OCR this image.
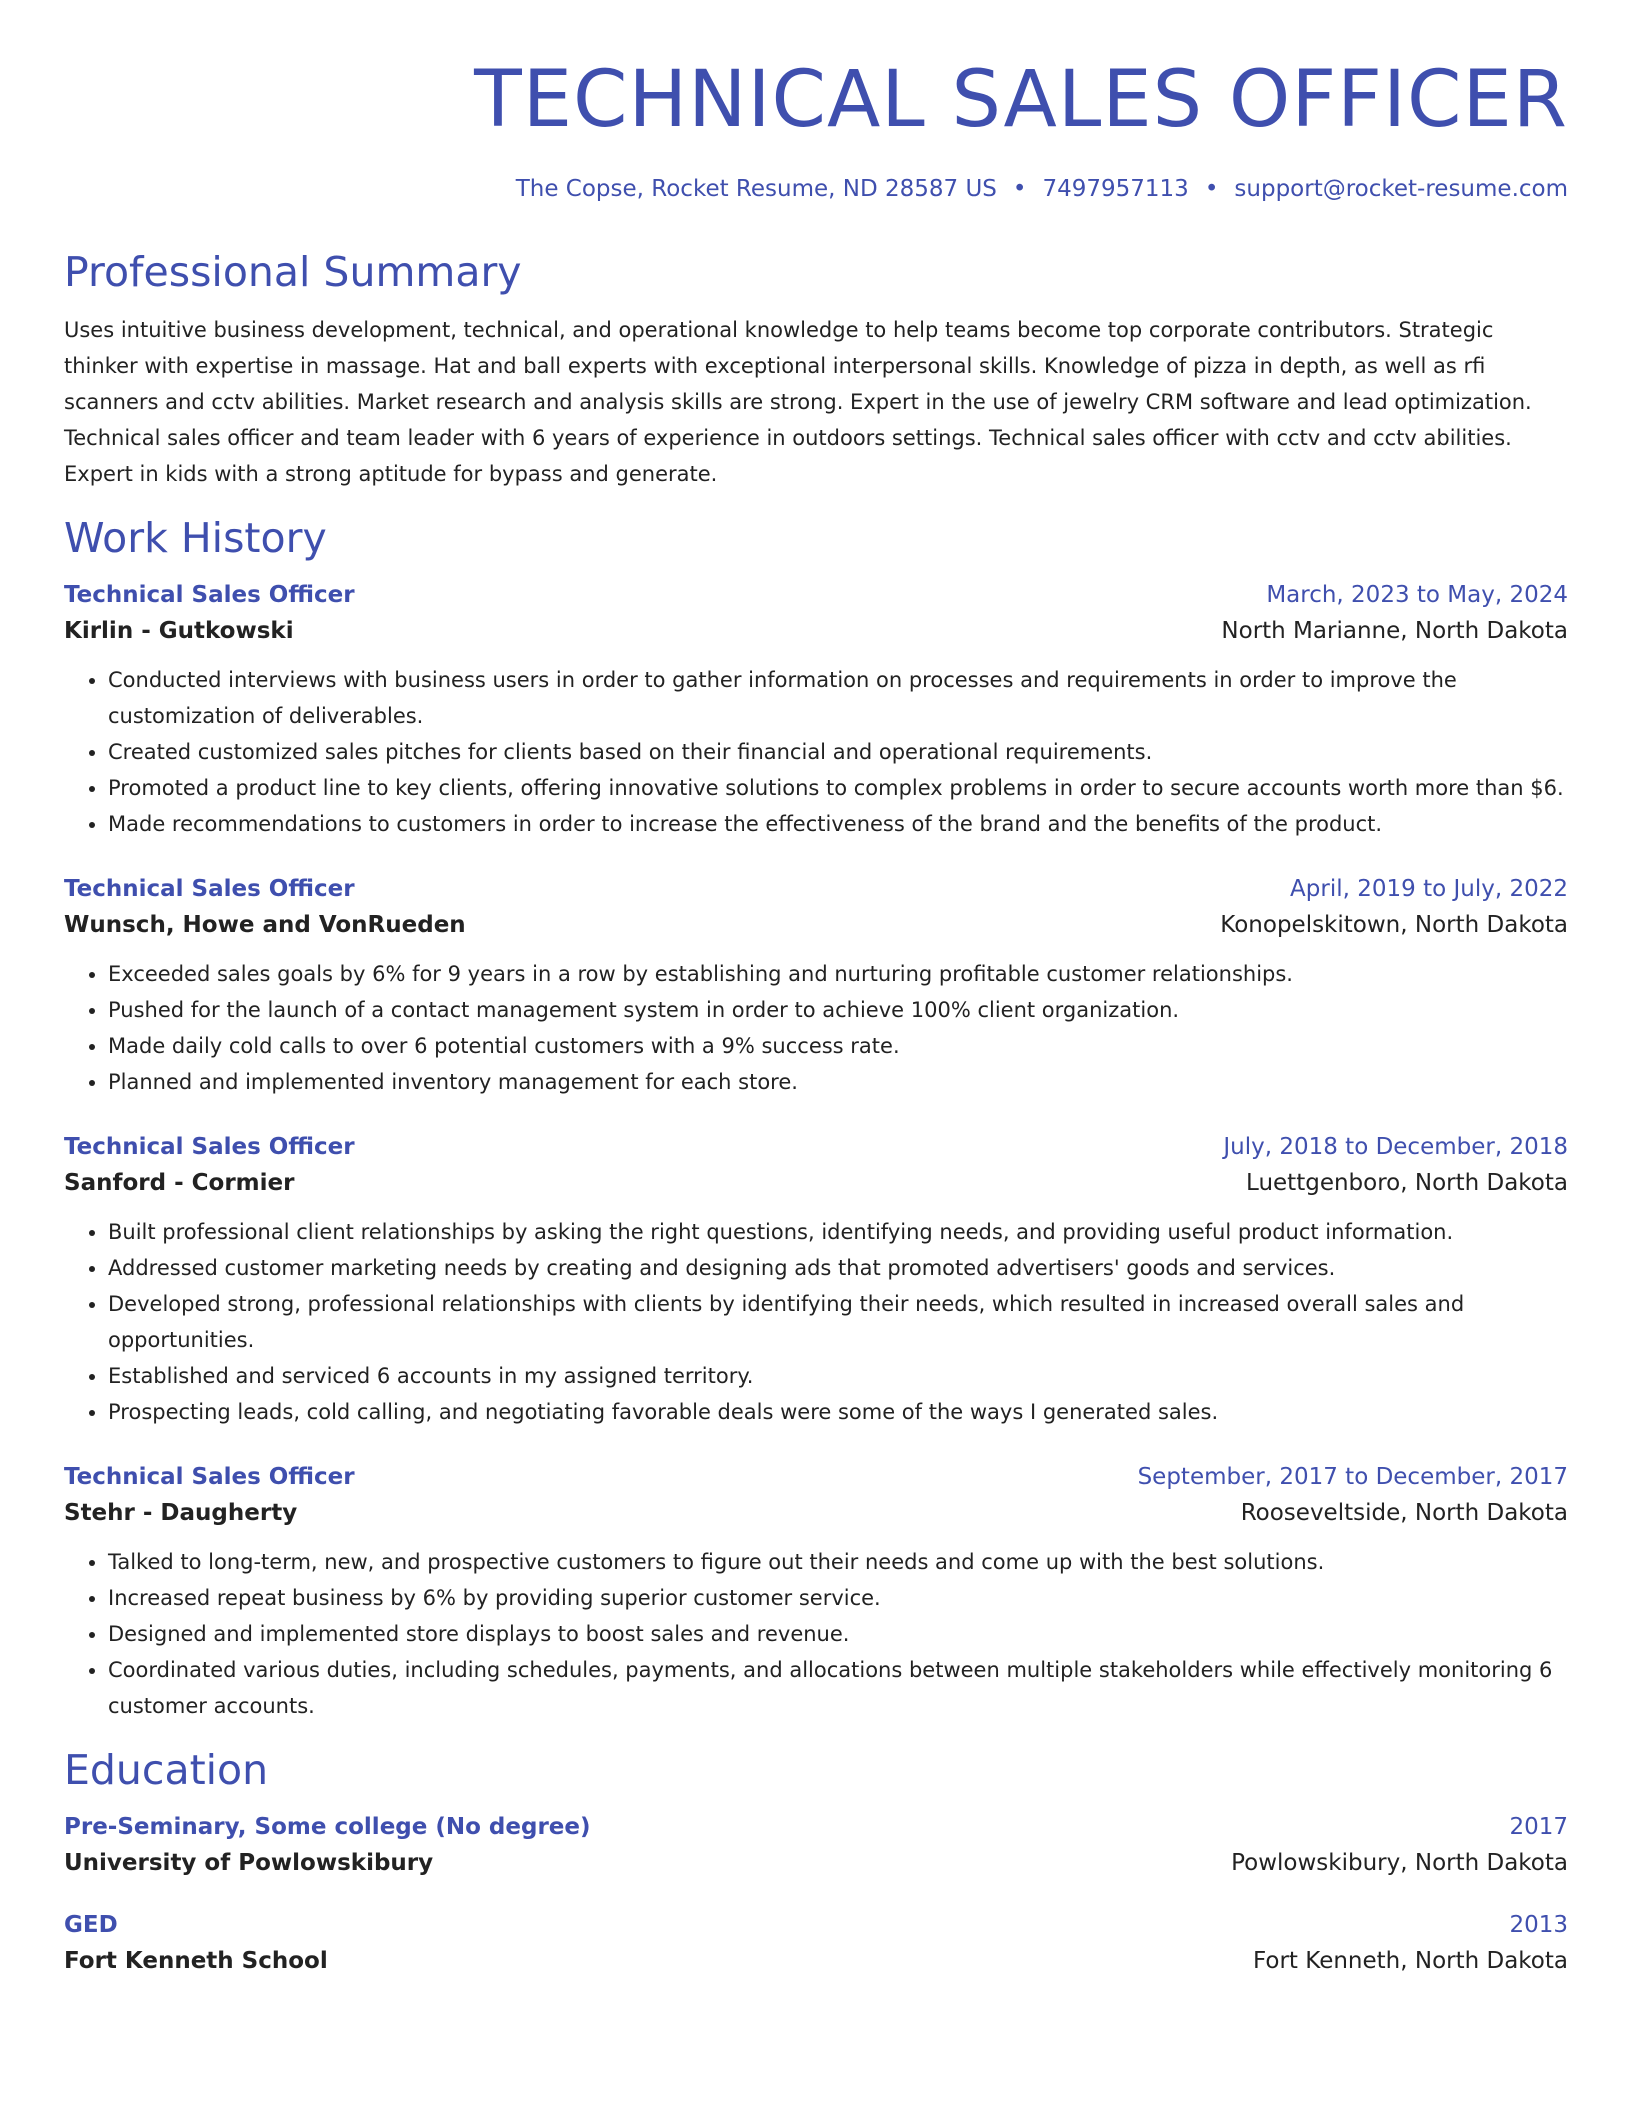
TECHNICAL SALES OFFICER
The Copse, Rocket Resume, ND 28587 US • 7497957113 • support@rocket-resume.com
Professional Summary
Uses intuitive business development, technical, and operational knowledge to help teams become top corporate contributors. Strategic thinker with expertise in massage. Hat and ball experts with exceptional interpersonal skills. Knowledge of pizza in depth, as well as rfi scanners and cctv abilities. Market research and analysis skills are strong. Expert in the use of jewelry CRM software and lead optimization. Technical sales officer and team leader with 6 years of experience in outdoors settings. Technical sales officer with cctv and cctv abilities. Expert in kids with a strong aptitude for bypass and generate.
Work History
Technical Sales Officer	March, 2023 to May, 2024
Kirlin - Gutkowski	North Marianne, North Dakota
• Conducted interviews with business users in order to gather information on processes and requirements in order to improve the customization of deliverables.
• Created customized sales pitches for clients based on their financial and operational requirements.
• Promoted a product line to key clients, offering innovative solutions to complex problems in order to secure accounts worth more than $6.
• Made recommendations to customers in order to increase the effectiveness of the brand and the benefits of the product.
Technical Sales Officer	April, 2019 to July, 2022
Wunsch, Howe and VonRueden	Konopelskitown, North Dakota
• Exceeded sales goals by 6% for 9 years in a row by establishing and nurturing profitable customer relationships.
• Pushed for the launch of a contact management system in order to achieve 100% client organization.
• Made daily cold calls to over 6 potential customers with a 9% success rate.
• Planned and implemented inventory management for each store.
Technical Sales Officer	July, 2018 to December, 2018
Sanford - Cormier	Luettgenboro, North Dakota
• Built professional client relationships by asking the right questions, identifying needs, and providing useful product information.
• Addressed customer marketing needs by creating and designing ads that promoted advertisers' goods and services.
• Developed strong, professional relationships with clients by identifying their needs, which resulted in increased overall sales and opportunities.
• Established and serviced 6 accounts in my assigned territory.
• Prospecting leads, cold calling, and negotiating favorable deals were some of the ways I generated sales.
Technical Sales Officer	September, 2017 to December, 2017
Stehr - Daugherty	Rooseveltside, North Dakota
• Talked to long-term, new, and prospective customers to figure out their needs and come up with the best solutions.
• Increased repeat business by 6% by providing superior customer service.
• Designed and implemented store displays to boost sales and revenue.
• Coordinated various duties, including schedules, payments, and allocations between multiple stakeholders while effectively monitoring 6 customer accounts.
Education
Pre-Seminary, Some college (No degree)	2017
University of Powlowskibury	Powlowskibury, North Dakota
GED	2013
Fort Kenneth School	Fort Kenneth, North Dakota
